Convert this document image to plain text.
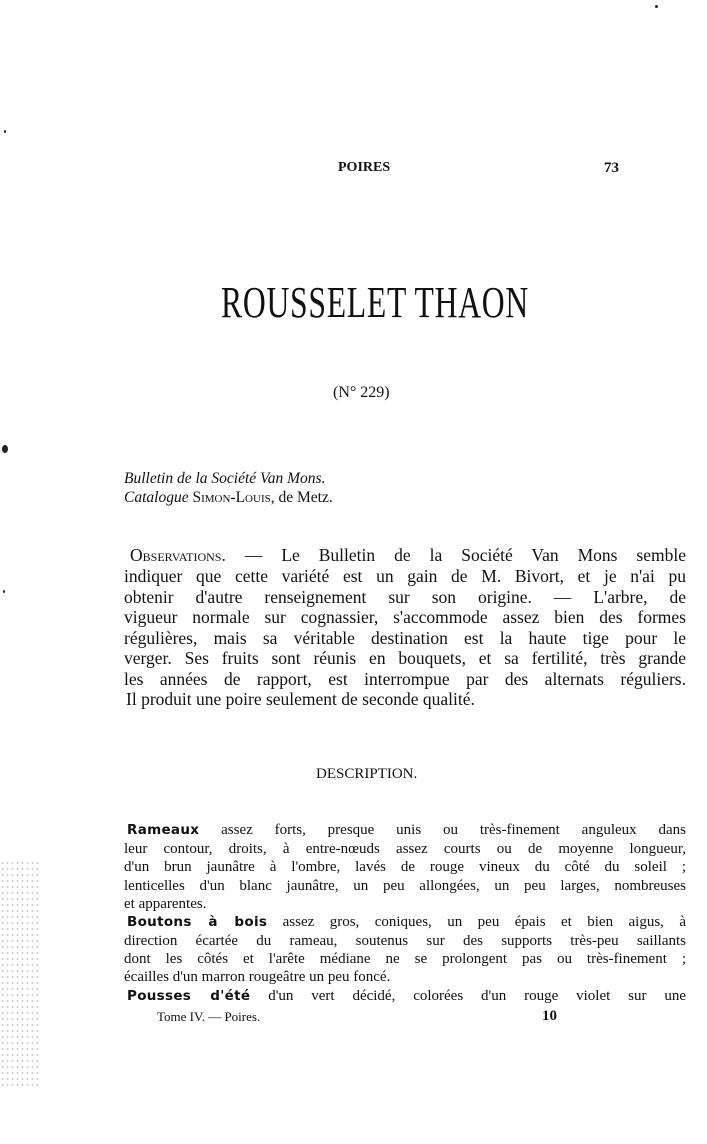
POIRES	73
ROUSSELET THAON
(N° 229)
Bulletin de la Société Van Mons.
Catalogue Simon-Louis, de Metz.
Observations. — Le Bulletin de la Société Van Mons semble
indiquer que cette variété est un gain de M. Bivort, et je n'ai pu
obtenir d'autre renseignement sur son origine. — L'arbre, de
vigueur normale sur cognassier, s'accommode assez bien des formes
régulières, mais sa véritable destination est la haute tige pour le
verger. Ses fruits sont réunis en bouquets, et sa fertilité, très grande
les années de rapport, est interrompue par des alternats réguliers.
Il produit une poire seulement de seconde qualité.
DESCRIPTION.
Rameaux assez forts, presque unis ou très-finement anguleux dans
leur contour, droits, à entre-nœuds assez courts ou de moyenne longueur,
d'un brun jaunâtre à l'ombre, lavés de rouge vineux du côté du soleil ;
lenticelles d'un blanc jaunâtre, un peu allongées, un peu larges, nombreuses
et apparentes.
Boutons à bois assez gros, coniques, un peu épais et bien aigus, à
direction écartée du rameau, soutenus sur des supports très-peu saillants
dont les côtés et l'arête médiane ne se prolongent pas ou très-finement ;
écailles d'un marron rougeâtre un peu foncé.
Pousses d'été d'un vert décidé, colorées d'un rouge violet sur une
Tome IV. — Poires.	10
